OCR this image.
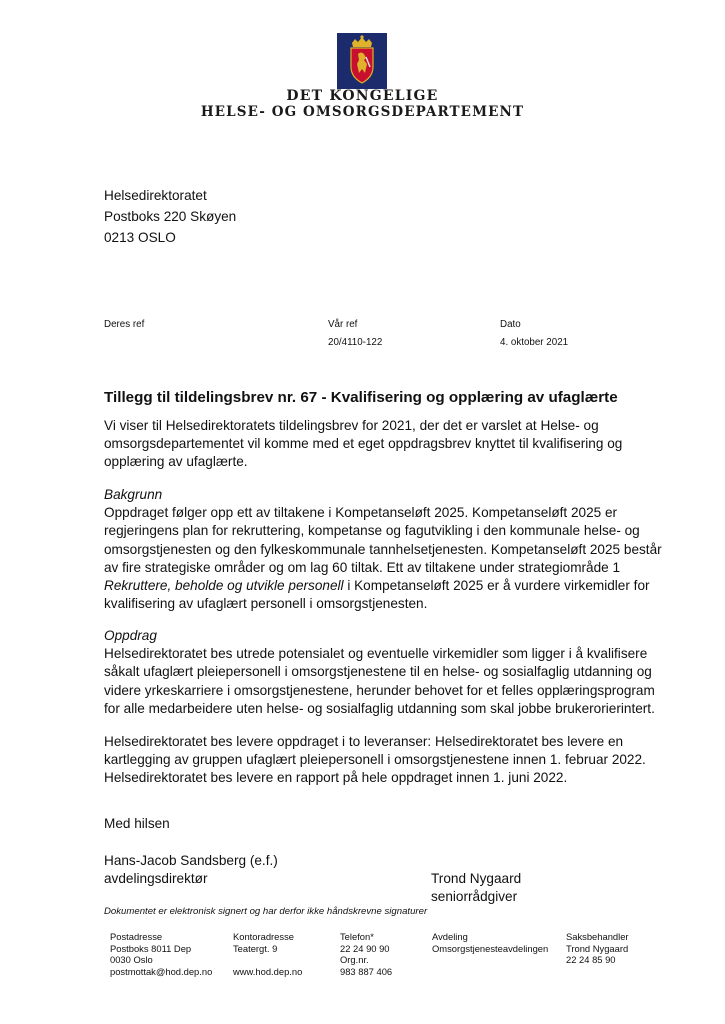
DET KONGELIGE
HELSE- OG OMSORGSDEPARTEMENT
Helsedirektoratet
Postboks 220 Skøyen
0213 OSLO
Deres ref	Vår ref
20/4110-122
Dato
4. oktober 2021
Tillegg til tildelingsbrev nr. 67 - Kvalifisering og opplæring av ufaglærte
Vi viser til Helsedirektoratets tildelingsbrev for 2021, der det er varslet at Helse- og
omsorgsdepartementet vil komme med et eget oppdragsbrev knyttet til kvalifisering og
opplæring av ufaglærte.
Bakgrunn
Oppdraget følger opp ett av tiltakene i Kompetanseløft 2025. Kompetanseløft 2025 er
regjeringens plan for rekruttering, kompetanse og fagutvikling i den kommunale helse- og
omsorgstjenesten og den fylkeskommunale tannhelsetjenesten. Kompetanseløft 2025 består
av fire strategiske områder og om lag 60 tiltak. Ett av tiltakene under strategiområde 1
Rekruttere, beholde og utvikle personell i Kompetanseløft 2025 er å vurdere virkemidler for
kvalifisering av ufaglært personell i omsorgstjenesten.
Oppdrag
Helsedirektoratet bes utrede potensialet og eventuelle virkemidler som ligger i å kvalifisere
såkalt ufaglært pleiepersonell i omsorgstjenestene til en helse- og sosialfaglig utdanning og
videre yrkeskarriere i omsorgstjenestene, herunder behovet for et felles opplæringsprogram
for alle medarbeidere uten helse- og sosialfaglig utdanning som skal jobbe brukerorierintert.
Helsedirektoratet bes levere oppdraget i to leveranser: Helsedirektoratet bes levere en
kartlegging av gruppen ufaglært pleiepersonell i omsorgstjenestene innen 1. februar 2022.
Helsedirektoratet bes levere en rapport på hele oppdraget innen 1. juni 2022.
Med hilsen
Hans-Jacob Sandsberg (e.f.)
avdelingsdirektør	Trond Nygaard
seniorrådgiver
Dokumentet er elektronisk signert og har derfor ikke håndskrevne signaturer
Postadresse
Postboks 8011 Dep
0030 Oslo
postmottak@hod.dep.no
Kontoradresse
Teatergt. 9
www.hod.dep.no
Telefon*
22 24 90 90
Org.nr.
983 887 406
Avdeling
Omsorgstjenesteavdelingen
Saksbehandler
Trond Nygaard
22 24 85 90
